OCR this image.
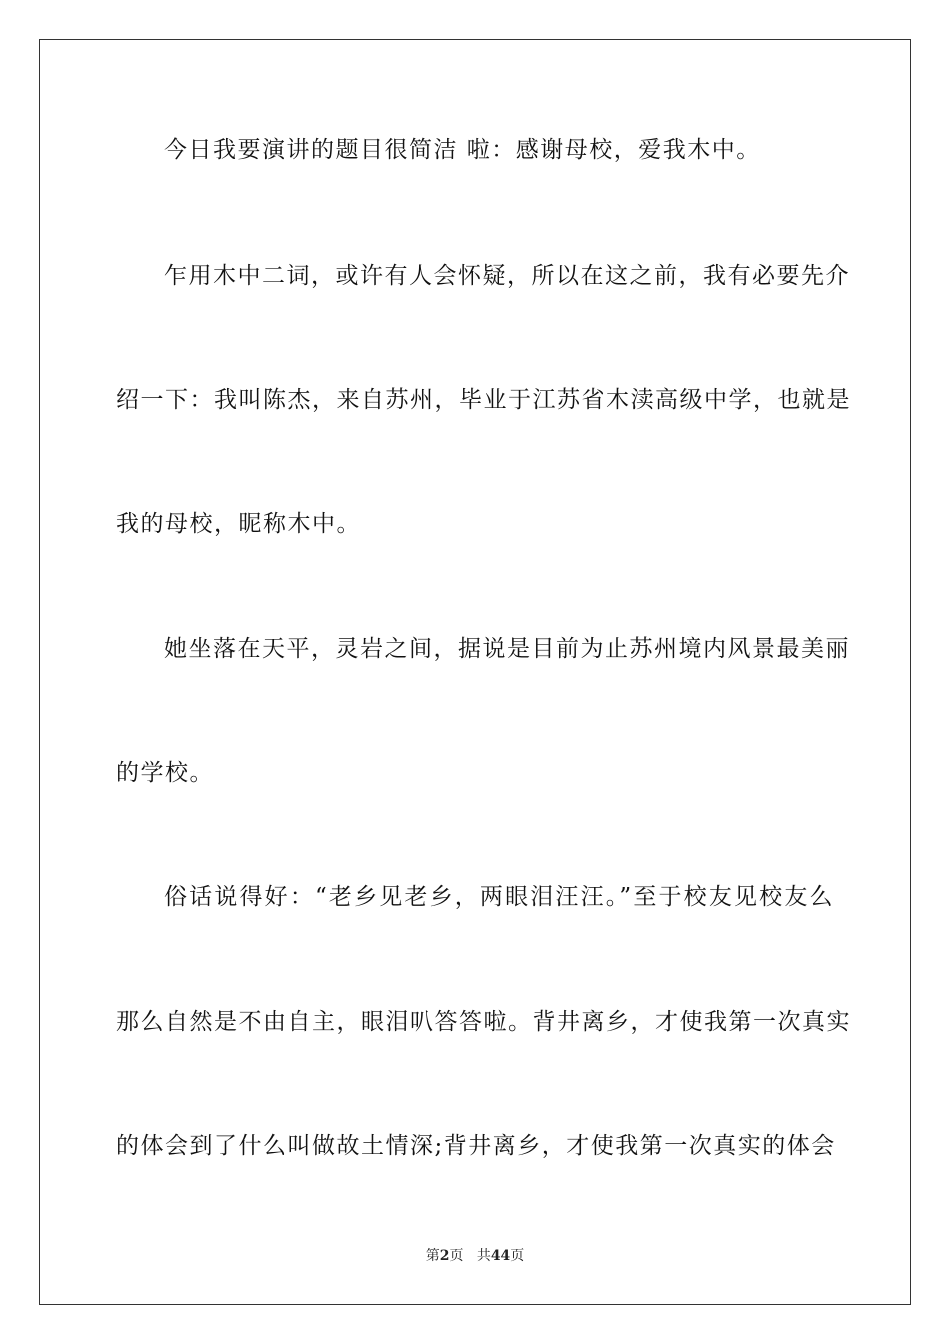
今日我要演讲的题目很简洁 啦：感谢母校，爱我木中。
乍用木中二词，或许有人会怀疑，所以在这之前，我有必要先介
绍一下：我叫陈杰，来自苏州，毕业于江苏省木渎高级中学，也就是
我的母校，昵称木中。
她坐落在天平，灵岩之间，据说是目前为止苏州境内风景最美丽
的学校。
俗话说得好：“老乡见老乡，两眼泪汪汪。”至于校友见校友么
那么自然是不由自主，眼泪叭答答啦。背井离乡，才使我第一次真实
的体会到了什么叫做故土情深;背井离乡，才使我第一次真实的体会
第2页 共44页
